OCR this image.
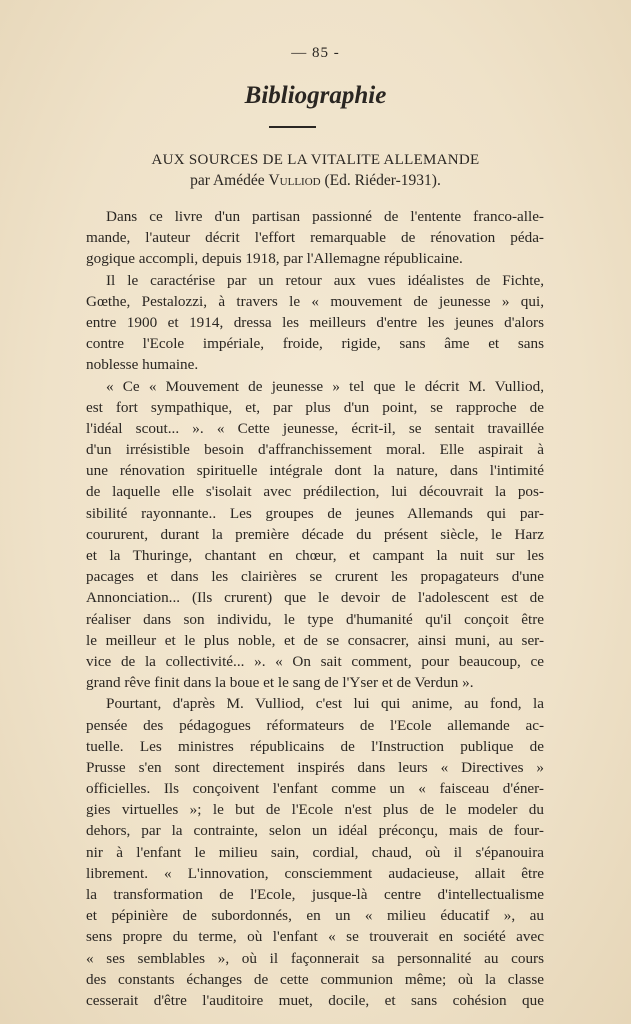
— 85 -
Bibliographie
AUX SOURCES DE LA VITALITE ALLEMANDE
par Amédée Vulliod (Ed. Riéder-1931).
Dans ce livre d'un partisan passionné de l'entente franco-alle-
mande, l'auteur décrit l'effort remarquable de rénovation péda-
gogique accompli, depuis 1918, par l'Allemagne républicaine.
Il le caractérise par un retour aux vues idéalistes de Fichte,
Gœthe, Pestalozzi, à travers le « mouvement de jeunesse » qui,
entre 1900 et 1914, dressa les meilleurs d'entre les jeunes d'alors
contre l'Ecole impériale, froide, rigide, sans âme et sans
noblesse humaine.
« Ce « Mouvement de jeunesse » tel que le décrit M. Vulliod,
est fort sympathique, et, par plus d'un point, se rapproche de
l'idéal scout... ». « Cette jeunesse, écrit-il, se sentait travaillée
d'un irrésistible besoin d'affranchissement moral. Elle aspirait à
une rénovation spirituelle intégrale dont la nature, dans l'intimité
de laquelle elle s'isolait avec prédilection, lui découvrait la pos-
sibilité rayonnante.. Les groupes de jeunes Allemands qui par-
coururent, durant la première décade du présent siècle, le Harz
et la Thuringe, chantant en chœur, et campant la nuit sur les
pacages et dans les clairières se crurent les propagateurs d'une
Annonciation... (Ils crurent) que le devoir de l'adolescent est de
réaliser dans son individu, le type d'humanité qu'il conçoit être
le meilleur et le plus noble, et de se consacrer, ainsi muni, au ser-
vice de la collectivité... ». « On sait comment, pour beaucoup, ce
grand rêve finit dans la boue et le sang de l'Yser et de Verdun ».
Pourtant, d'après M. Vulliod, c'est lui qui anime, au fond, la
pensée des pédagogues réformateurs de l'Ecole allemande ac-
tuelle. Les ministres républicains de l'Instruction publique de
Prusse s'en sont directement inspirés dans leurs « Directives »
officielles. Ils conçoivent l'enfant comme un « faisceau d'éner-
gies virtuelles »; le but de l'Ecole n'est plus de le modeler du
dehors, par la contrainte, selon un idéal préconçu, mais de four-
nir à l'enfant le milieu sain, cordial, chaud, où il s'épanouira
librement. « L'innovation, consciemment audacieuse, allait être
la transformation de l'Ecole, jusque-là centre d'intellectualisme
et pépinière de subordonnés, en un « milieu éducatif », au
sens propre du terme, où l'enfant « se trouverait en société avec
« ses semblables », où il façonnerait sa personnalité au cours
des constants échanges de cette communion même; où la classe
cesserait d'être l'auditoire muet, docile, et sans cohésion que
